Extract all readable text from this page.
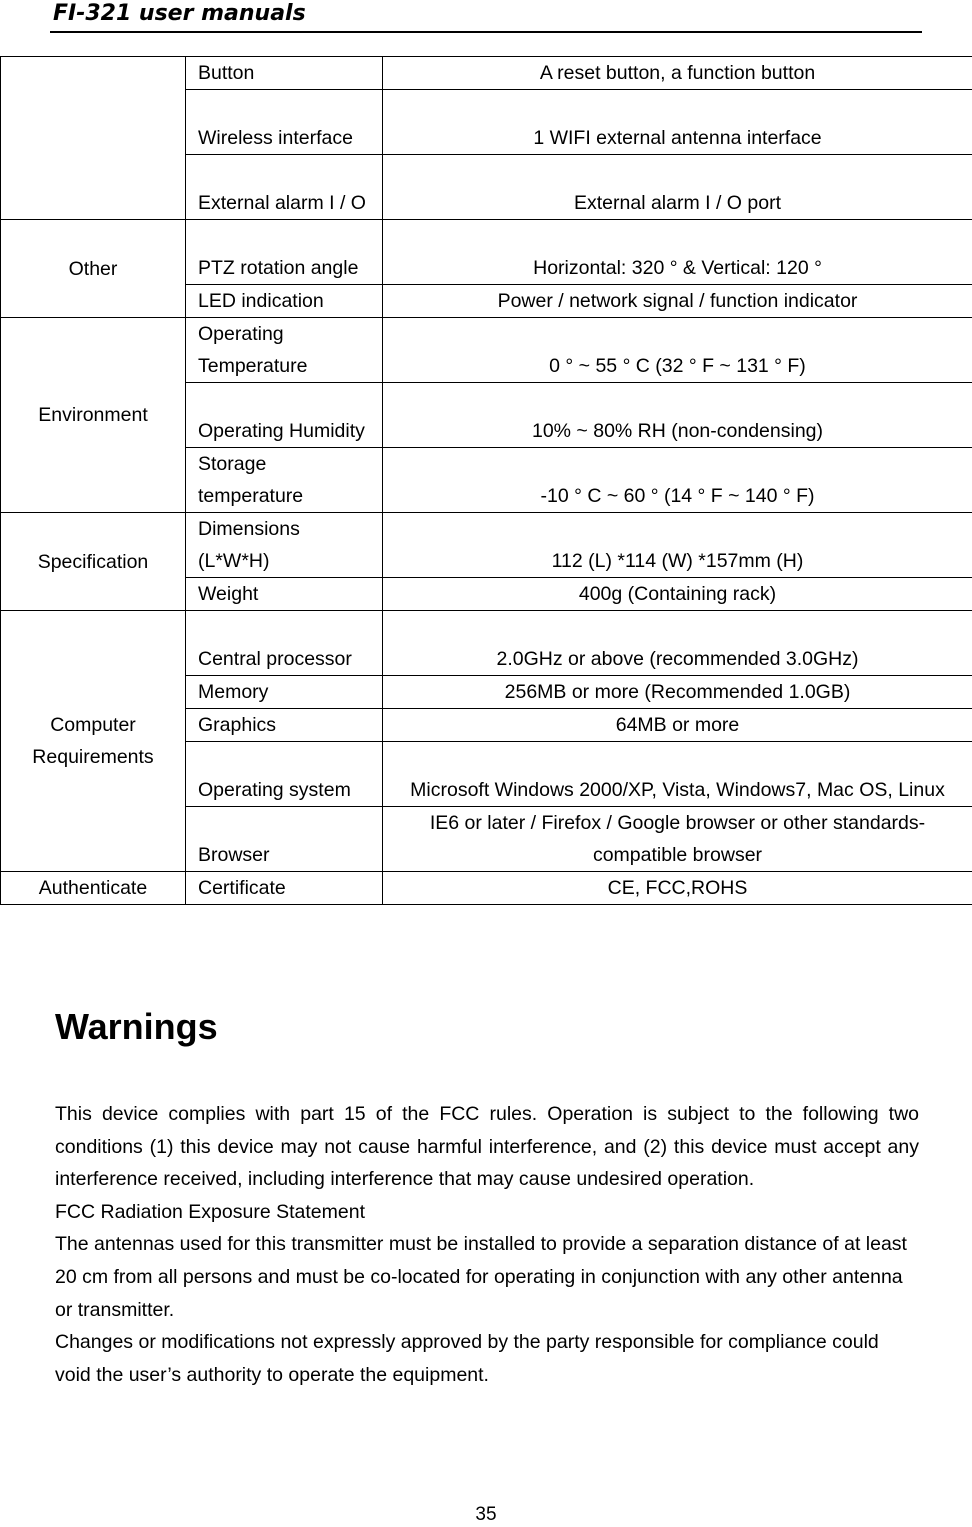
FI-321 user manuals
	Button	A reset button, a function button
	Wireless interface	1 WIFI external antenna interface
	External alarm I / O	External alarm I / O port
Other	PTZ rotation angle	Horizontal: 320 ° & Vertical: 120 °
	LED indication	Power / network signal / function indicator
Environment	Operating Temperature	0 ° ~ 55 ° C (32 ° F ~ 131 ° F)
	Operating Humidity	10% ~ 80% RH (non-condensing)
	Storage temperature	-10 ° C ~ 60 ° (14 ° F ~ 140 ° F)
Specification	Dimensions (L*W*H)	112 (L) *114 (W) *157mm (H)
	Weight	400g (Containing rack)
Computer Requirements	Central processor	2.0GHz or above (recommended 3.0GHz)
	Memory	256MB or more (Recommended 1.0GB)
	Graphics	64MB or more
	Operating system	Microsoft Windows 2000/XP, Vista, Windows7, Mac OS, Linux
	Browser	IE6 or later / Firefox / Google browser or other standards-compatible browser
Authenticate	Certificate	CE, FCC,ROHS
Warnings

This device complies with part 15 of the FCC rules. Operation is subject to the following two conditions (1) this device may not cause harmful interference, and (2) this device must accept any interference received, including interference that may cause undesired operation.

FCC Radiation Exposure Statement

The antennas used for this transmitter must be installed to provide a separation distance of at least 20 cm from all persons and must be co-located for operating in conjunction with any other antenna or transmitter.

Changes or modifications not expressly approved by the party responsible for compliance could void the user’s authority to operate the equipment.

35
